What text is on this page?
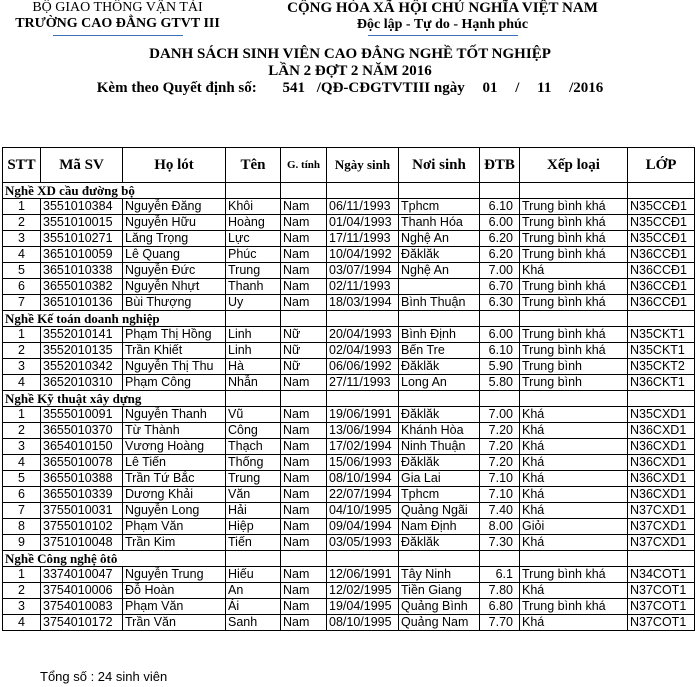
BỘ GIAO THÔNG VẬN TẢI
TRƯỜNG CAO ĐẲNG GTVT III
CỘNG HÒA XÃ HỘI CHỦ NGHĨA VIỆT NAM
Độc lập - Tự do - Hạnh phúc
DANH SÁCH SINH VIÊN CAO ĐẲNG NGHỀ TỐT NGHIỆP
LẦN 2 ĐỢT 2 NĂM 2016
Kèm theo Quyết định số: 541 /QĐ-CĐGTVTIII ngày 01 / 11 /2016
STT	Mã SV	Họ lót	Tên	G. tính	Ngày sinh	Nơi sinh	ĐTB	Xếp loại	LỚP
Nghề XD cầu đường bộ									
1	3551010384	Nguyễn Đăng	Khôi	Nam	06/11/1993	Tphcm	6.10	Trung bình khá	N35CCĐ1
2	3551010015	Nguyễn Hữu	Hoàng	Nam	01/04/1993	Thanh Hóa	6.00	Trung bình khá	N35CCĐ1
3	3551010271	Lăng Trọng	Lực	Nam	17/11/1993	Nghệ An	6.20	Trung bình khá	N35CCĐ1
4	3651010059	Lê Quang	Phúc	Nam	10/04/1992	Đăklăk	6.20	Trung bình khá	N36CCĐ1
5	3651010338	Nguyễn Đức	Trung	Nam	03/07/1994	Nghệ An	7.00	Khá	N36CCĐ1
6	3655010382	Nguyễn Nhựt	Thanh	Nam	02/11/1993		6.70	Trung bình khá	N36CCĐ1
7	3651010136	Bùi Thượng	Uy	Nam	18/03/1994	Bình Thuận	6.30	Trung bình khá	N36CCĐ1
Nghề Kế toán doanh nghiệp									
1	3552010141	Phạm Thị Hồng	Linh	Nữ	20/04/1993	Bình Định	6.00	Trung bình khá	N35CKT1
2	3552010135	Trần Khiết	Linh	Nữ	02/04/1993	Bến Tre	6.10	Trung bình khá	N35CKT1
3	3552010342	Nguyễn Thị Thu	Hà	Nữ	06/06/1992	Đăklăk	5.90	Trung bình	N35CKT2
4	3652010310	Phạm Công	Nhẫn	Nam	27/11/1993	Long An	5.80	Trung bình	N36CKT1
Nghề Kỹ thuật xây dựng									
1	3555010091	Nguyễn Thanh	Vũ	Nam	19/06/1991	Đăklăk	7.00	Khá	N35CXD1
2	3655010370	Từ Thành	Công	Nam	13/06/1994	Khánh Hòa	7.20	Khá	N36CXD1
3	3654010150	Vương Hoàng	Thạch	Nam	17/02/1994	Ninh Thuận	7.20	Khá	N36CXD1
4	3655010078	Lê Tiến	Thống	Nam	15/06/1993	Đăklăk	7.20	Khá	N36CXD1
5	3655010388	Trần Tứ Bắc	Trung	Nam	08/10/1994	Gia Lai	7.10	Khá	N36CXD1
6	3655010339	Dương Khải	Văn	Nam	22/07/1994	Tphcm	7.10	Khá	N36CXD1
7	3755010031	Nguyễn Long	Hải	Nam	04/10/1995	Quảng Ngãi	7.40	Khá	N37CXD1
8	3755010102	Phạm Văn	Hiệp	Nam	09/04/1994	Nam Định	8.00	Giỏi	N37CXD1
9	3751010048	Trần Kim	Tiến	Nam	03/05/1993	Đăklăk	7.30	Khá	N37CXD1
Nghề Công nghệ ôtô									
1	3374010047	Nguyễn Trung	Hiếu	Nam	12/06/1991	Tây Ninh	6.1	Trung bình khá	N34COT1
2	3754010006	Đỗ Hoàn	An	Nam	12/02/1995	Tiền Giang	7.80	Khá	N37COT1
3	3754010083	Phạm Văn	Ái	Nam	19/04/1995	Quảng Bình	6.80	Trung bình khá	N37COT1
4	3754010172	Trần Văn	Sanh	Nam	08/10/1995	Quảng Nam	7.70	Khá	N37COT1
Tổng số : 24 sinh viên
